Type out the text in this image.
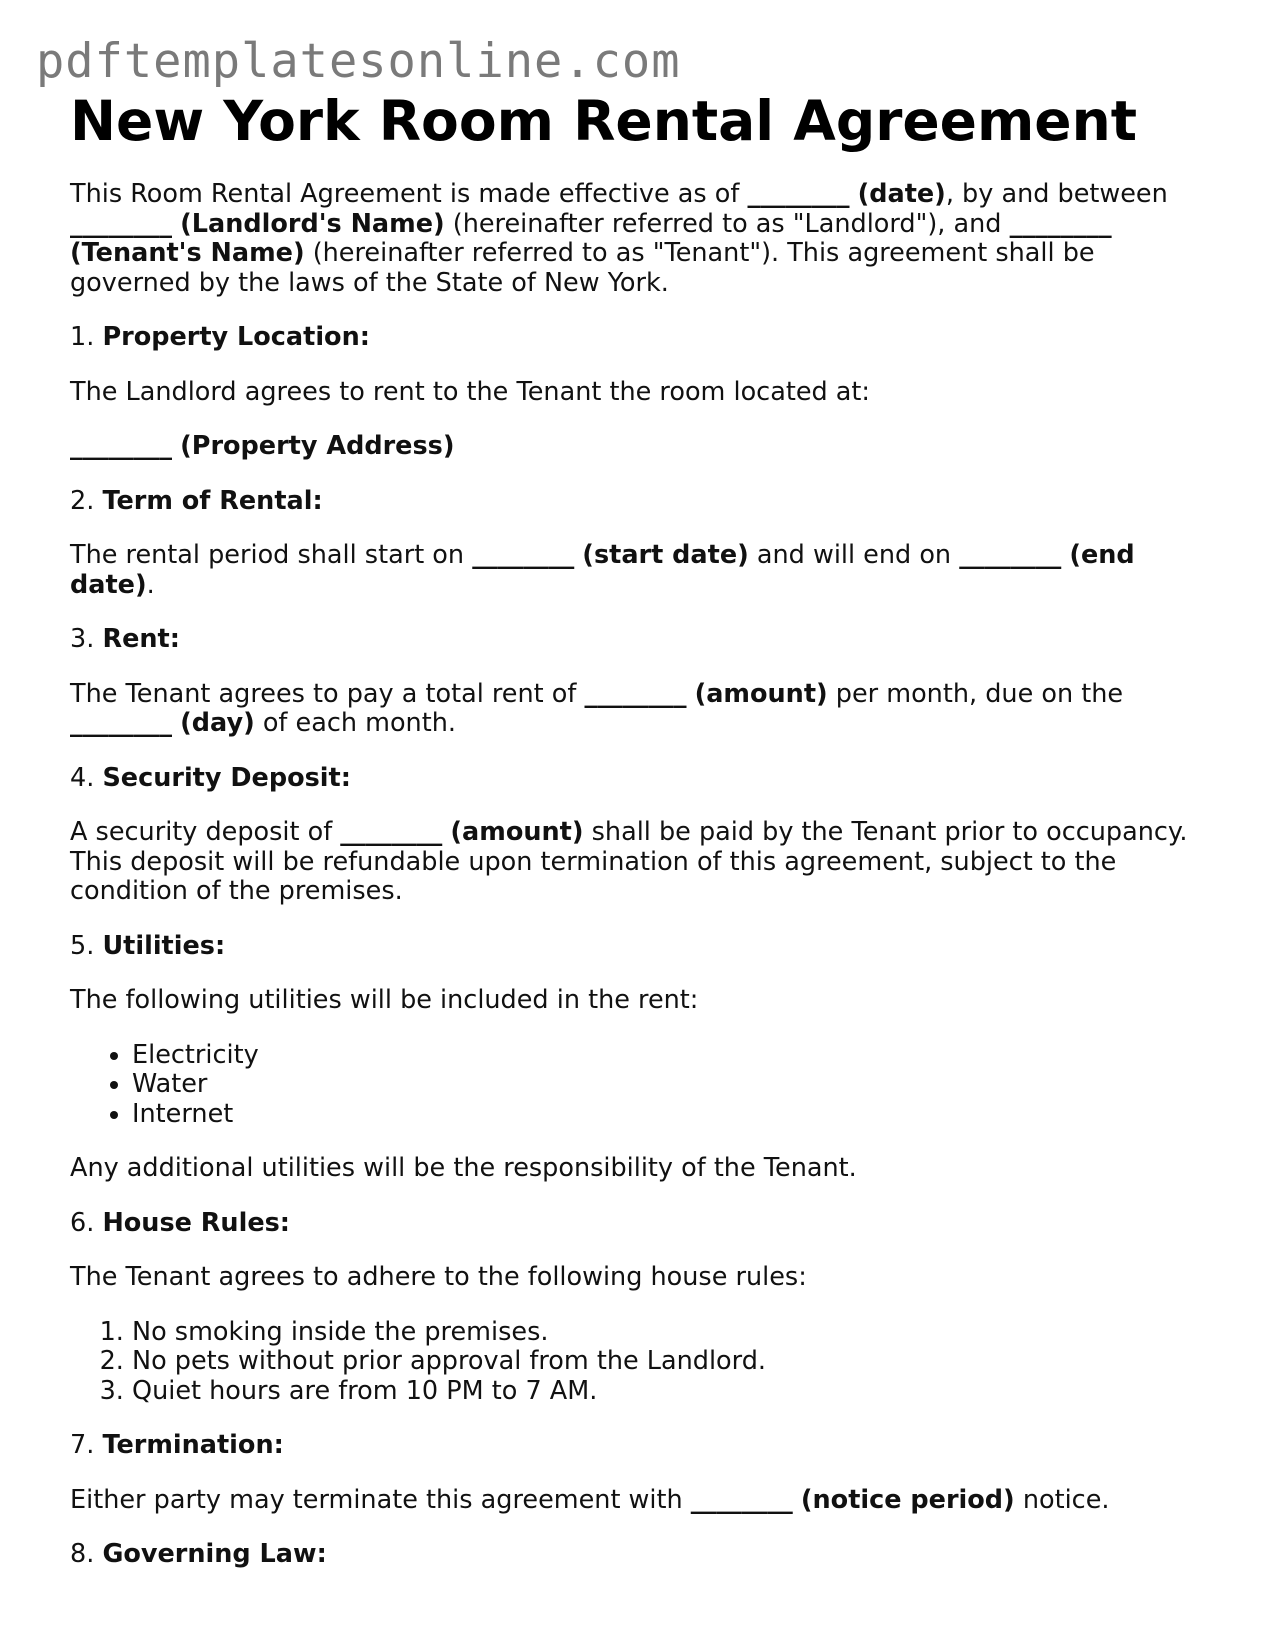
pdftemplatesonline.com
New York Room Rental Agreement

This Room Rental Agreement is made effective as of ________ (date), by and between ________ (Landlord's Name) (hereinafter referred to as "Landlord"), and ________ (Tenant's Name) (hereinafter referred to as "Tenant"). This agreement shall be governed by the laws of the State of New York.

1. Property Location:

The Landlord agrees to rent to the Tenant the room located at:

________ (Property Address)

2. Term of Rental:

The rental period shall start on ________ (start date) and will end on ________ (end date).

3. Rent:

The Tenant agrees to pay a total rent of ________ (amount) per month, due on the ________ (day) of each month.

4. Security Deposit:

A security deposit of ________ (amount) shall be paid by the Tenant prior to occupancy. This deposit will be refundable upon termination of this agreement, subject to the condition of the premises.

5. Utilities:

The following utilities will be included in the rent:

• Electricity
• Water
• Internet

Any additional utilities will be the responsibility of the Tenant.

6. House Rules:

The Tenant agrees to adhere to the following house rules:

1. No smoking inside the premises.
2. No pets without prior approval from the Landlord.
3. Quiet hours are from 10 PM to 7 AM.

7. Termination:

Either party may terminate this agreement with ________ (notice period) notice.

8. Governing Law:
